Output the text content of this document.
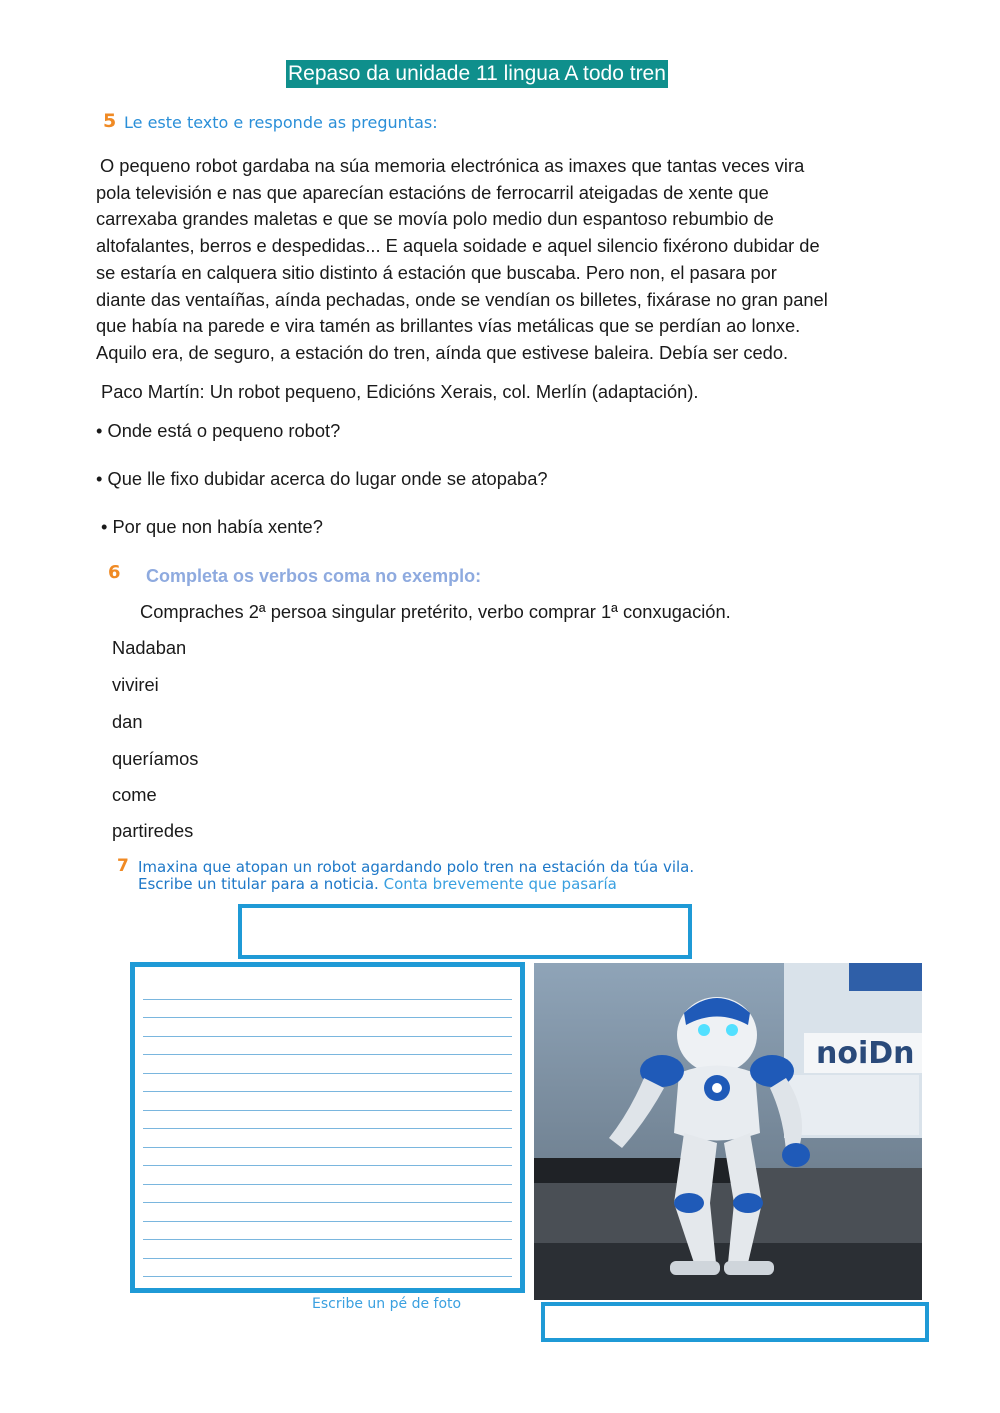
Repaso da unidade 11 lingua A todo tren
5 Le este texto e responde as preguntas:
O pequeno robot gardaba na súa memoria electrónica as imaxes que tantas veces vira
pola televisión e nas que aparecían estacións de ferrocarril ateigadas de xente que
carrexaba grandes maletas e que se movía polo medio dun espantoso rebumbio de
altofalantes, berros e despedidas... E aquela soidade e aquel silencio fixérono dubidar de
se estaría en calquera sitio distinto á estación que buscaba. Pero non, el pasara por
diante das ventaíñas, aínda pechadas, onde se vendían os billetes, fixárase no gran panel
que había na parede e vira tamén as brillantes vías metálicas que se perdían ao lonxe.
Aquilo era, de seguro, a estación do tren, aínda que estivese baleira. Debía ser cedo.
Paco Martín: Un robot pequeno, Edicións Xerais, col. Merlín (adaptación).
• Onde está o pequeno robot?
• Que lle fixo dubidar acerca do lugar onde se atopaba?
• Por que non había xente?
6 Completa os verbos coma no exemplo:
Compraches 2ª persoa singular pretérito, verbo comprar 1ª conxugación.
Nadaban
vivirei
dan
queríamos
come
partiredes
7 Imaxina que atopan un robot agardando polo tren na estación da túa vila.
Escribe un titular para a noticia. Conta brevemente que pasaría
noiDn
Escribe un pé de foto
